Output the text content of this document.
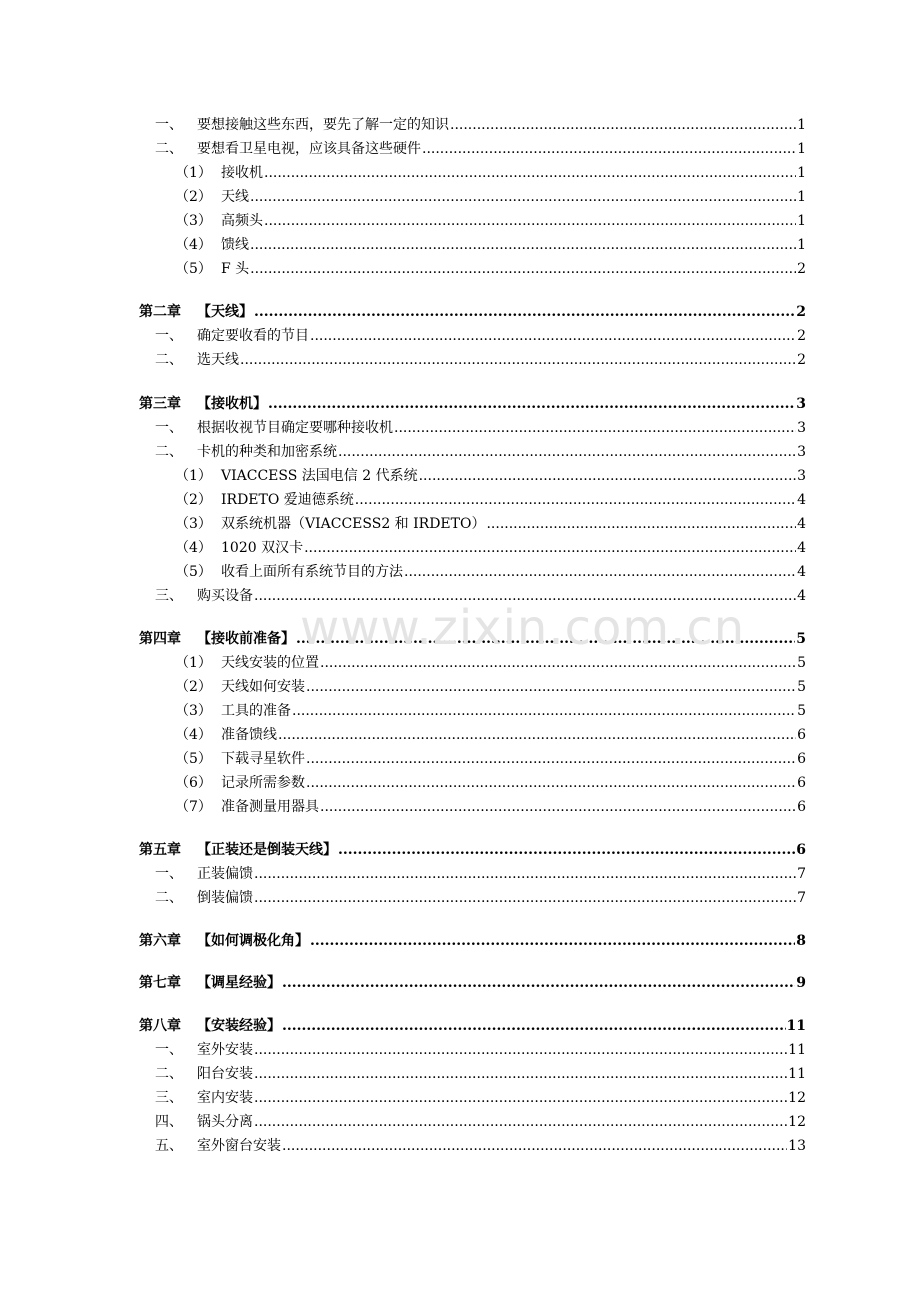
一、	要想接触这些东西，要先了解一定的知识 .....	1
二、	要想看卫星电视，应该具备这些硬件 .....	1
（1） 接收机 .....	1
（2） 天线 .....	1
（3） 高频头 .....	1
（4） 馈线 .....	1
（5） F 头 .....	2
第二章	【天线】 .....	2
一、	确定要收看的节目 .....	2
二、	选天线 .....	2
第三章	【接收机】 .....	3
一、	根据收视节目确定要哪种接收机 .....	3
二、	卡机的种类和加密系统 .....	3
（1） VIACCESS 法国电信 2 代系统 .....	3
（2） IRDETO 爱迪德系统 .....	4
（3） 双系统机器（VIACCESS2 和 IRDETO） .....	4
（4） 1020 双汉卡 .....	4
（5） 收看上面所有系统节目的方法 .....	4
三、	购买设备 .....	4
第四章	【接收前准备】 .....	5
（1） 天线安装的位置 .....	5
（2） 天线如何安装 .....	5
（3） 工具的准备 .....	5
（4） 准备馈线 .....	6
（5） 下载寻星软件 .....	6
（6） 记录所需参数 .....	6
（7） 准备测量用器具 .....	6
第五章	【正装还是倒装天线】 .....	6
一、	正装偏馈 .....	7
二、	倒装偏馈 .....	7
第六章	【如何调极化角】 .....	8
第七章	【调星经验】 .....	9
第八章	【安装经验】 .....	11
一、	室外安装 .....	11
二、	阳台安装 .....	11
三、	室内安装 .....	12
四、	锅头分离 .....	12
五、	室外窗台安装 .....	13
www.zixin.com.cn
